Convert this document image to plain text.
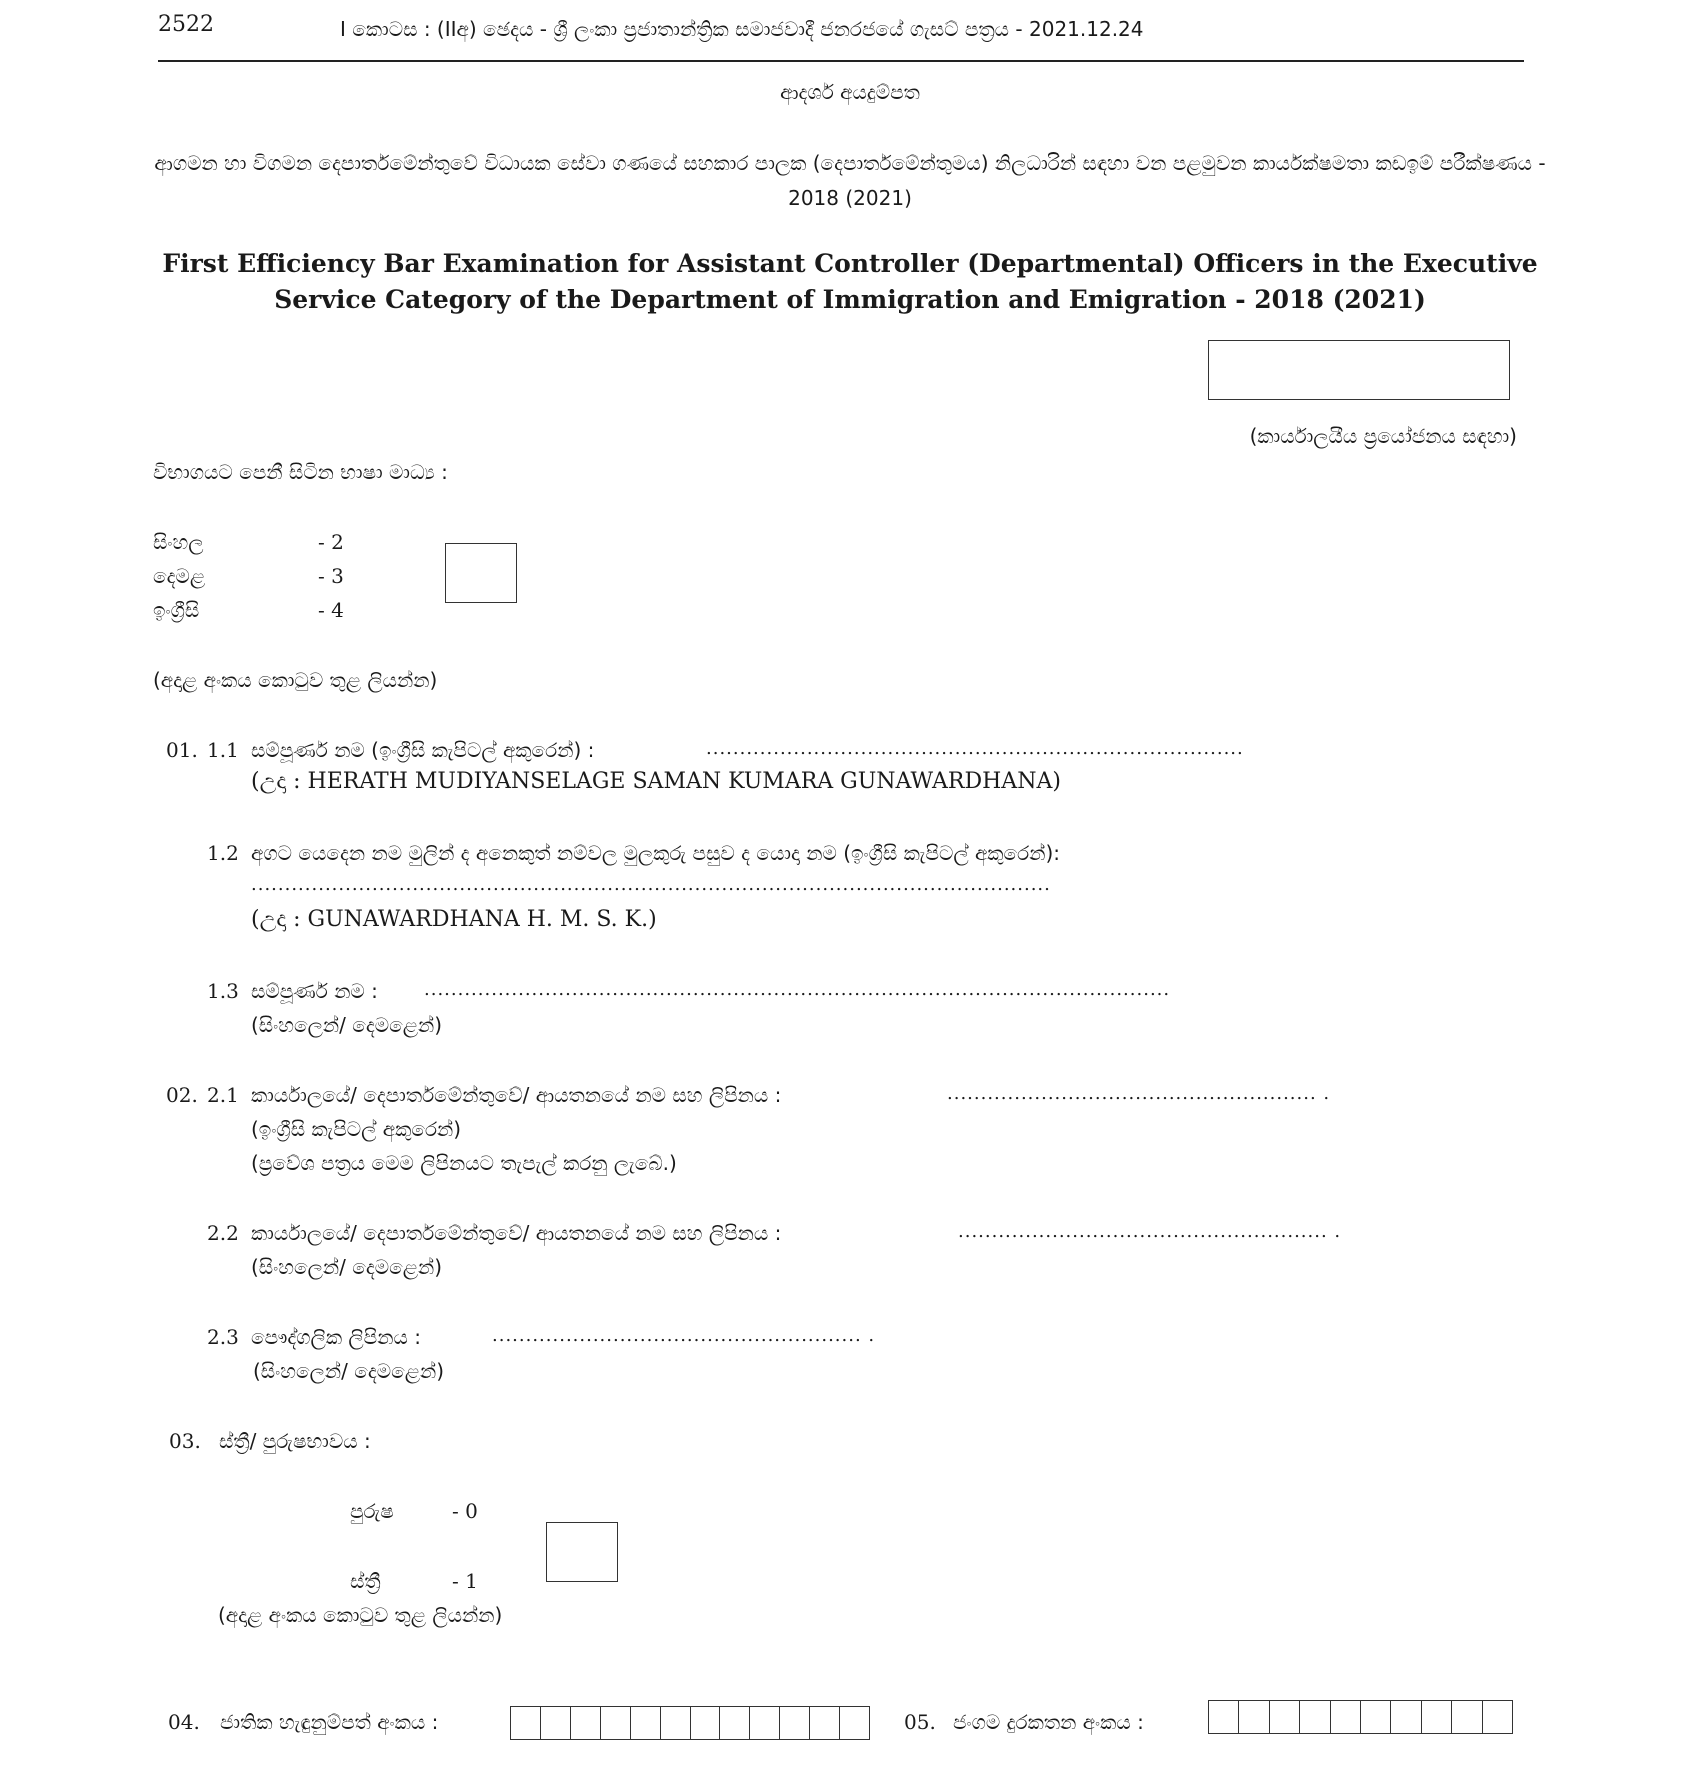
2522	I කොටස : (IIඅ) ඡෙදය - ශ්‍රී ලංකා ප්‍රජාතාන්ත්‍රික සමාජවාදී ජනරජයේ ගැසට් පත්‍රය - 2021.12.24
ආදර්ශ අයදුම්පත
ආගමන හා විගමන දෙපාර්තමේන්තුවේ විධායක සේවා ගණයේ සහකාර පාලක (දෙපාර්තමේන්තුමය) නිලධාරින් සඳහා වන පළමුවන කාර්යක්ෂමතා කඩඉම් පරීක්ෂණය - 2018 (2021)
First Efficiency Bar Examination for Assistant Controller (Departmental) Officers in the Executive Service Category of the Department of Immigration and Emigration - 2018 (2021)
(කාර්යාලයීය ප්‍රයෝජනය සඳහා)
විභාගයට පෙනී සිටින භාෂා මාධ්‍ය :
සිංහල	- 2
දෙමළ	- 3
ඉංග්‍රීසි	- 4
(අදාළ අංකය කොටුව තුළ ලියන්න)
01. 1.1 සම්පූර්ණ නම (ඉංග්‍රීසි කැපිටල් අකුරෙන්) :	................................................................................
(උදා : HERATH MUDIYANSELAGE SAMAN KUMARA GUNAWARDHANA)
1.2 අගට යෙදෙන නම මුලින් ද අනෙකුත් නම්වල මුලකුරු පසුව ද යොදා නම (ඉංග්‍රීසි කැපිටල් අකුරෙන්):
.......................................................................................................................
(උදා : GUNAWARDHANA H. M. S. K.)
1.3 සම්පූර්ණ නම :	...............................................................................................................
(සිංහලෙන්/ දෙමළෙන්)
02. 2.1 කාර්යාලයේ/ දෙපාර්තමේන්තුවේ/ ආයතනයේ නම සහ ලිපිනය :	....................................................... .
(ඉංග්‍රීසි කැපිටල් අකුරෙන්)
(ප්‍රවේශ පත්‍රය මෙම ලිපිනයට තැපැල් කරනු ලැබේ.)
2.2 කාර්යාලයේ/ දෙපාර්තමේන්තුවේ/ ආයතනයේ නම සහ ලිපිනය :	....................................................... .
(සිංහලෙන්/ දෙමළෙන්)
2.3 පෞද්ගලික ලිපිනය :	....................................................... .
(සිංහලෙන්/ දෙමළෙන්)
03. ස්ත්‍රී/ පුරුෂභාවය :
පුරුෂ	- 0
ස්ත්‍රී	- 1
(අදාළ අංකය කොටුව තුළ ලියන්න)
04. ජාතික හැඳුනුම්පත් අංකය :	05. ජංගම දුරකතන අංකය :
